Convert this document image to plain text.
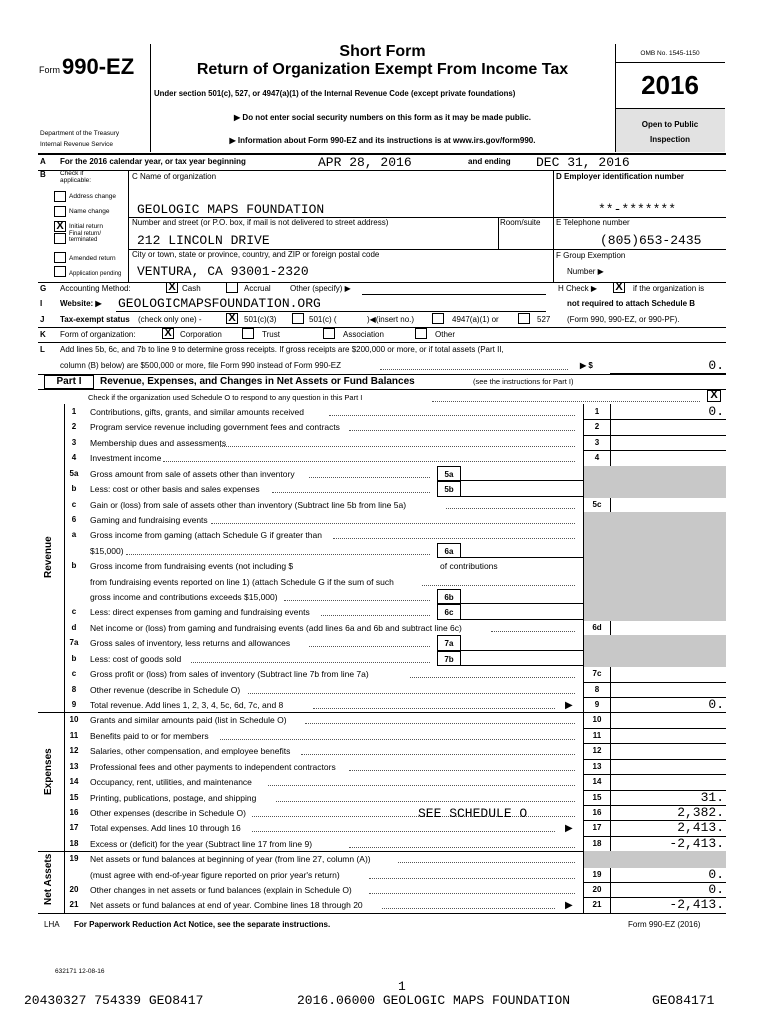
Form 990-EZ
Department of the Treasury
Internal Revenue Service
Short Form
Return of Organization Exempt From Income Tax
Under section 501(c), 527, or 4947(a)(1) of the Internal Revenue Code (except private foundations)
▶ Do not enter social security numbers on this form as it may be made public.
▶ Information about Form 990-EZ and its instructions is at www.irs.gov/form990.
OMB No. 1545-1150
2016
Open to Public
Inspection
A For the 2016 calendar year, or tax year beginning	APR 28, 2016	and ending DEC 31, 2016
B Check if applicable:
Address change
Name change
X Initial return
Final return/ terminated
Amended return
Application pending
C Name of organization
GEOLOGIC MAPS FOUNDATION
Number and street (or P.O. box, if mail is not delivered to street address)	Room/suite
212 LINCOLN DRIVE
City or town, state or province, country, and ZIP or foreign postal code
VENTURA, CA 93001-2320
D Employer identification number
**-*******
E Telephone number
(805)653-2435
F Group Exemption
Number ▶
G Accounting Method:	X Cash	Accrual Other (specify) ▶	H Check ▶ X if the organization is
not required to attach Schedule B
(Form 990, 990-EZ, or 990-PF).
I Website: ▶ GEOLOGICMAPSFOUNDATION.ORG
J Tax-exempt status (check only one) - X 501(c)(3)	501(c) (	)◀(insert no.)	4947(a)(1) or	527
K Form of organization:	X Corporation	Trust	Association	Other
L Add lines 5b, 6c, and 7b to line 9 to determine gross receipts. If gross receipts are $200,000 or more, or if total assets (Part II,
column (B) below) are $500,000 or more, file Form 990 instead of Form 990-EZ	▶ $	0.
Part I	Revenue, Expenses, and Changes in Net Assets or Fund Balances	(see the instructions for Part I)
Check if the organization used Schedule O to respond to any question in this Part I	X
1	Contributions, gifts, grants, and similar amounts received	1	0.
2	Program service revenue including government fees and contracts	2
3	Membership dues and assessments	3
4	Investment income	4
5a	Gross amount from sale of assets other than inventory	5a
b	Less: cost or other basis and sales expenses	5b
c	Gain or (loss) from sale of assets other than inventory (Subtract line 5b from line 5a)	5c
6	Gaming and fundraising events
a	Gross income from gaming (attach Schedule G if greater than
$15,000)	6a
b	Gross income from fundraising events (not including $	of contributions
from fundraising events reported on line 1) (attach Schedule G if the sum of such
gross income and contributions exceeds $15,000)	6b
c	Less: direct expenses from gaming and fundraising events	6c
d	Net income or (loss) from gaming and fundraising events (add lines 6a and 6b and subtract line 6c)	6d
7a	Gross sales of inventory, less returns and allowances	7a
b	Less: cost of goods sold	7b
c	Gross profit or (loss) from sales of inventory (Subtract line 7b from line 7a)	7c
8	Other revenue (describe in Schedule O)	8
9	Total revenue. Add lines 1, 2, 3, 4, 5c, 6d, 7c, and 8	▶	9	0.
10	Grants and similar amounts paid (list in Schedule O)	10
11	Benefits paid to or for members	11
12	Salaries, other compensation, and employee benefits	12
13	Professional fees and other payments to independent contractors	13
14	Occupancy, rent, utilities, and maintenance	14
15	Printing, publications, postage, and shipping	15	31.
16	Other expenses (describe in Schedule O)	SEE SCHEDULE O	16	2,382.
17	Total expenses. Add lines 10 through 16	▶	17	2,413.
18	Excess or (deficit) for the year (Subtract line 17 from line 9)	18	-2,413.
19	Net assets or fund balances at beginning of year (from line 27, column (A))
(must agree with end-of-year figure reported on prior year's return)	19	0.
20	Other changes in net assets or fund balances (explain in Schedule O)	20	0.
21	Net assets or fund balances at end of year. Combine lines 18 through 20	▶	21	-2,413.
Revenue
Expenses
Net Assets
LHA For Paperwork Reduction Act Notice, see the separate instructions.	Form 990-EZ (2016)
632171 12-08-16
1
20430327 754339 GEO8417	2016.06000 GEOLOGIC MAPS FOUNDATION	GEO84171
